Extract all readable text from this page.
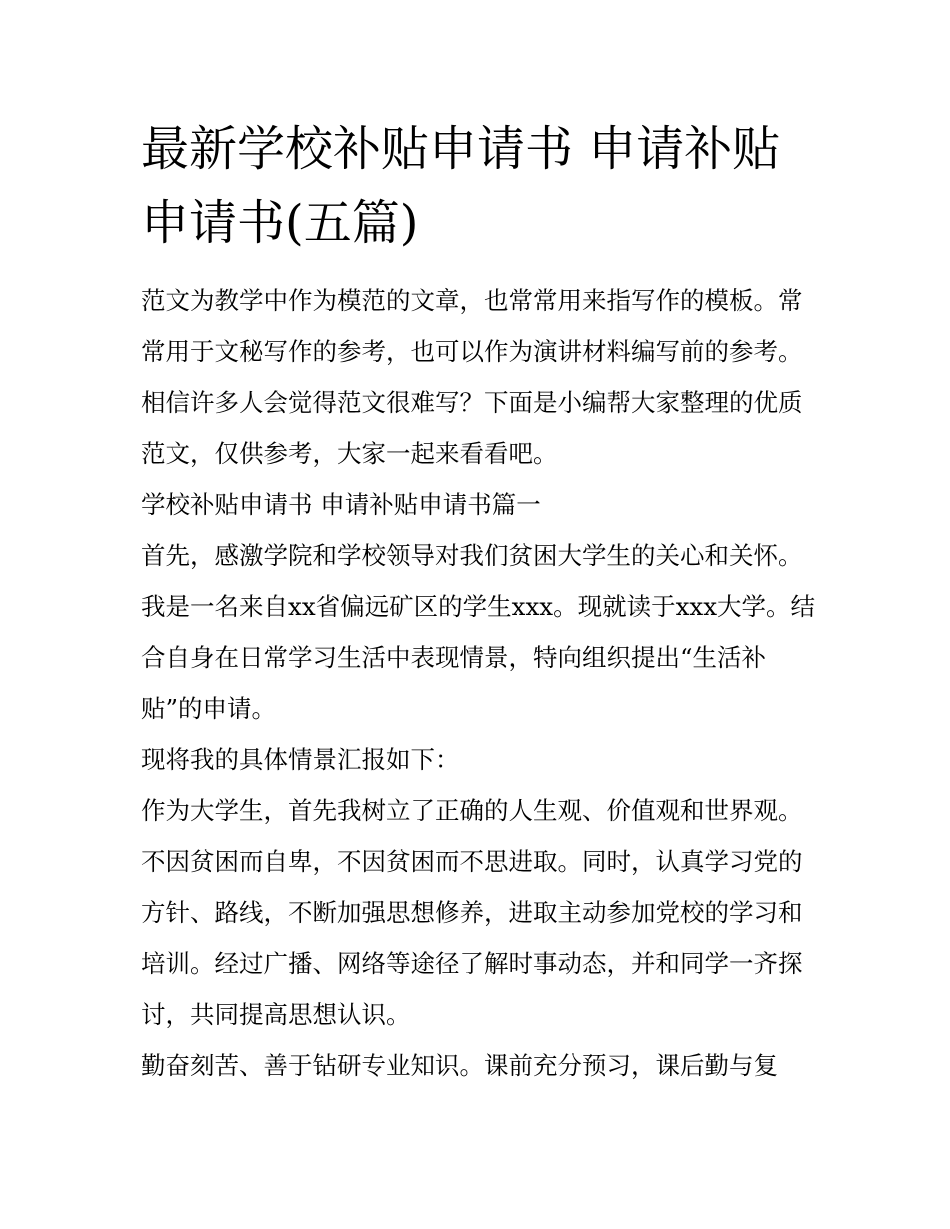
最新学校补贴申请书 申请补贴申请书(五篇)

范文为教学中作为模范的文章，也常常用来指写作的模板。常常用于文秘写作的参考，也可以作为演讲材料编写前的参考。相信许多人会觉得范文很难写？下面是小编帮大家整理的优质范文，仅供参考，大家一起来看看吧。

学校补贴申请书 申请补贴申请书篇一

首先，感激学院和学校领导对我们贫困大学生的关心和关怀。我是一名来自xx省偏远矿区的学生xxx。现就读于xxx大学。结合自身在日常学习生活中表现情景，特向组织提出“生活补贴”的申请。

现将我的具体情景汇报如下：

作为大学生，首先我树立了正确的人生观、价值观和世界观。不因贫困而自卑，不因贫困而不思进取。同时，认真学习党的方针、路线，不断加强思想修养，进取主动参加党校的学习和培训。经过广播、网络等途径了解时事动态，并和同学一齐探讨，共同提高思想认识。

勤奋刻苦、善于钻研专业知识。课前充分预习，课后勤与复
